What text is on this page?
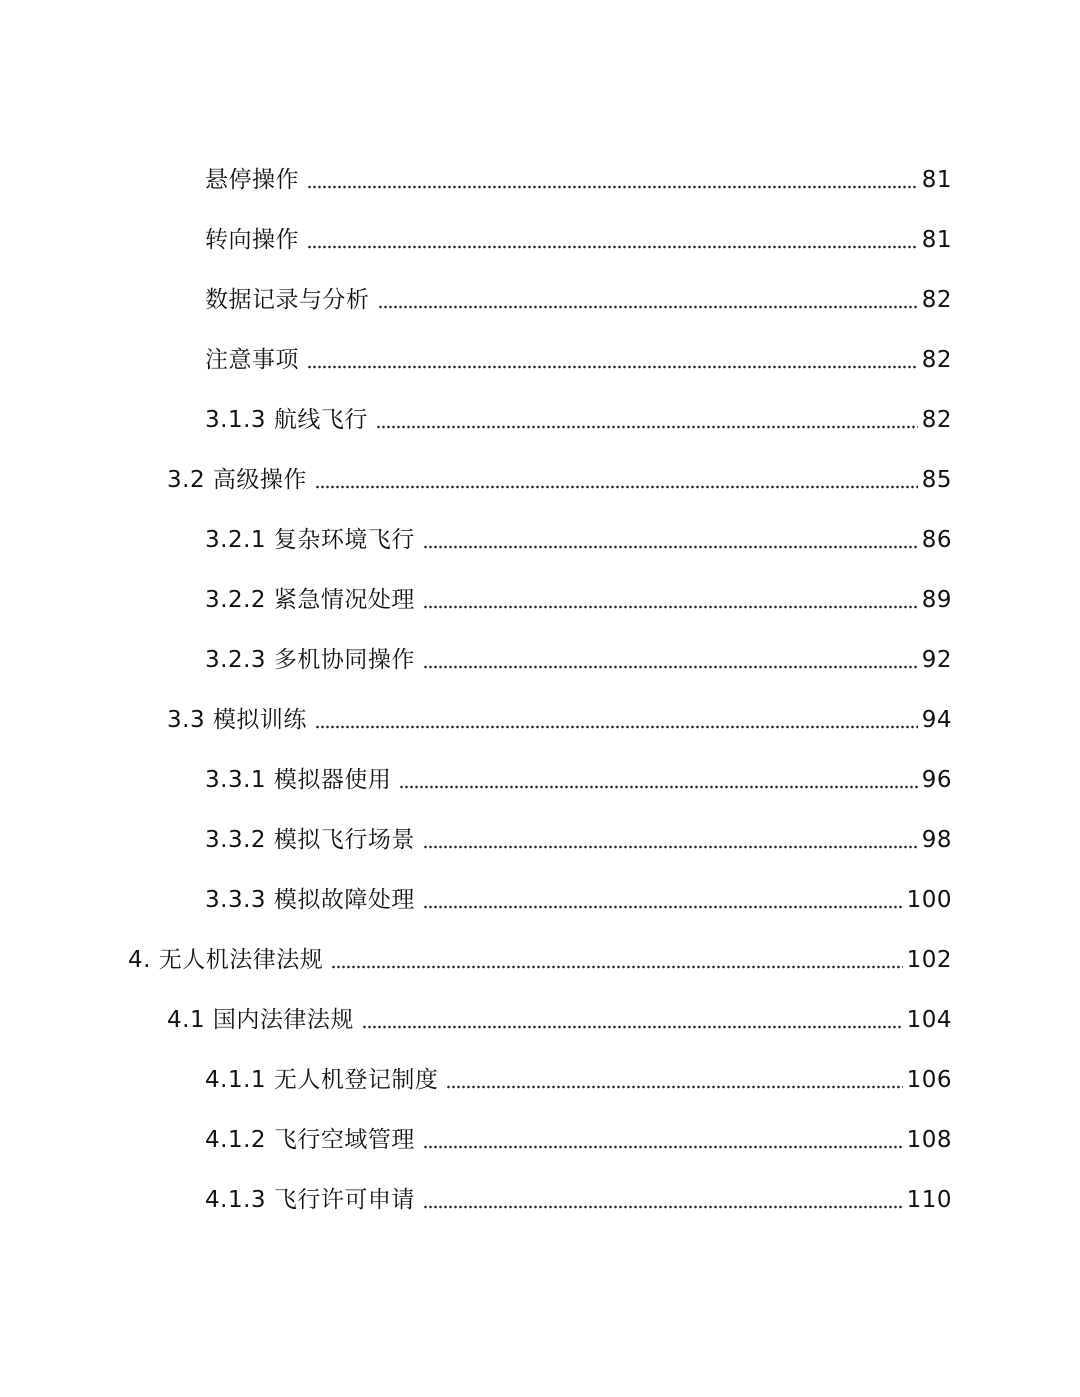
悬停操作	81
转向操作	81
数据记录与分析	82
注意事项	82
3.1.3 航线飞行	82
3.2 高级操作	85
3.2.1 复杂环境飞行	86
3.2.2 紧急情况处理	89
3.2.3 多机协同操作	92
3.3 模拟训练	94
3.3.1 模拟器使用	96
3.3.2 模拟飞行场景	98
3.3.3 模拟故障处理	100
4. 无人机法律法规	102
4.1 国内法律法规	104
4.1.1 无人机登记制度	106
4.1.2 飞行空域管理	108
4.1.3 飞行许可申请	110
